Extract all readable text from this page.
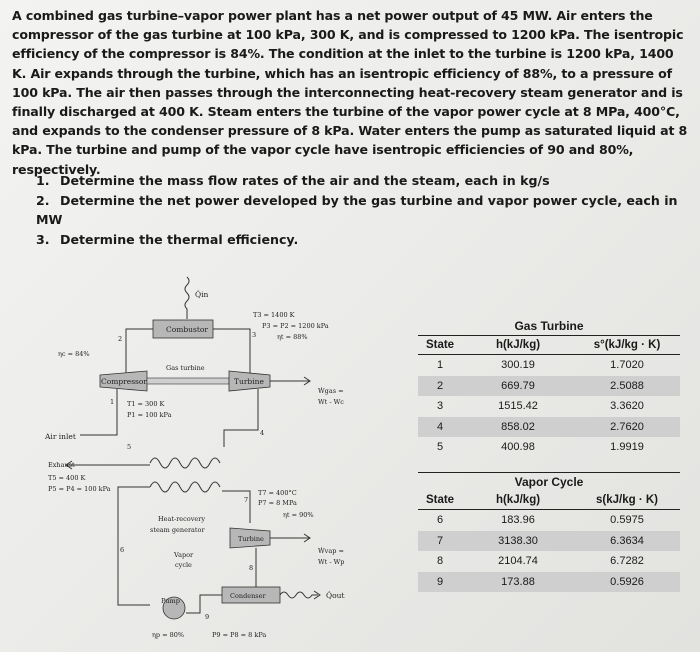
A combined gas turbine–vapor power plant has a net power output of 45 MW. Air enters the compressor of the gas turbine at 100 kPa, 300 K, and is compressed to 1200 kPa. The isentropic efficiency of the compressor is 84%. The condition at the inlet to the turbine is 1200 kPa, 1400 K. Air expands through the turbine, which has an isentropic efficiency of 88%, to a pressure of 100 kPa. The air then passes through the interconnecting heat-recovery steam generator and is finally discharged at 400 K. Steam enters the turbine of the vapor power cycle at 8 MPa, 400°C, and expands to the condenser pressure of 8 kPa. Water enters the pump as saturated liquid at 8 kPa. The turbine and pump of the vapor cycle have isentropic efficiencies of 90 and 80%, respectively.

1. Determine the mass flow rates of the air and the steam, each in kg/s
2. Determine the net power developed by the gas turbine and vapor power cycle, each in MW
3. Determine the thermal efficiency.
Q̇in
Combustor
2	3
T3 = 1400 K
P3 = P2 = 1200 kPa
ηt = 88%
ηc = 84%
Gas turbine
Compressor	Turbine
Ẇgas =
Wt - Wc
1 T1 = 300 K
P1 = 100 kPa
Air inlet	4
Exhaust
5
T5 = 400 K
P5 = P4 = 100 kPa
7
T7 = 400°C
P7 = 8 MPa
ηt = 90%
Heat-recovery
steam generator
Turbine
Ẇvap =
Wt - Wp
6
Vapor
cycle	8
Condenser	Q̇out
9
Pump
ηp = 80%	P9 = P8 = 8 kPa
Gas Turbine
State	h(kJ/kg)	s°(kJ/kg · K)
1	300.19	1.7020
2	669.79	2.5088
3	1515.42	3.3620
4	858.02	2.7620
5	400.98	1.9919
Vapor Cycle
State	h(kJ/kg)	s(kJ/kg · K)
6	183.96	0.5975
7	3138.30	6.3634
8	2104.74	6.7282
9	173.88	0.5926
